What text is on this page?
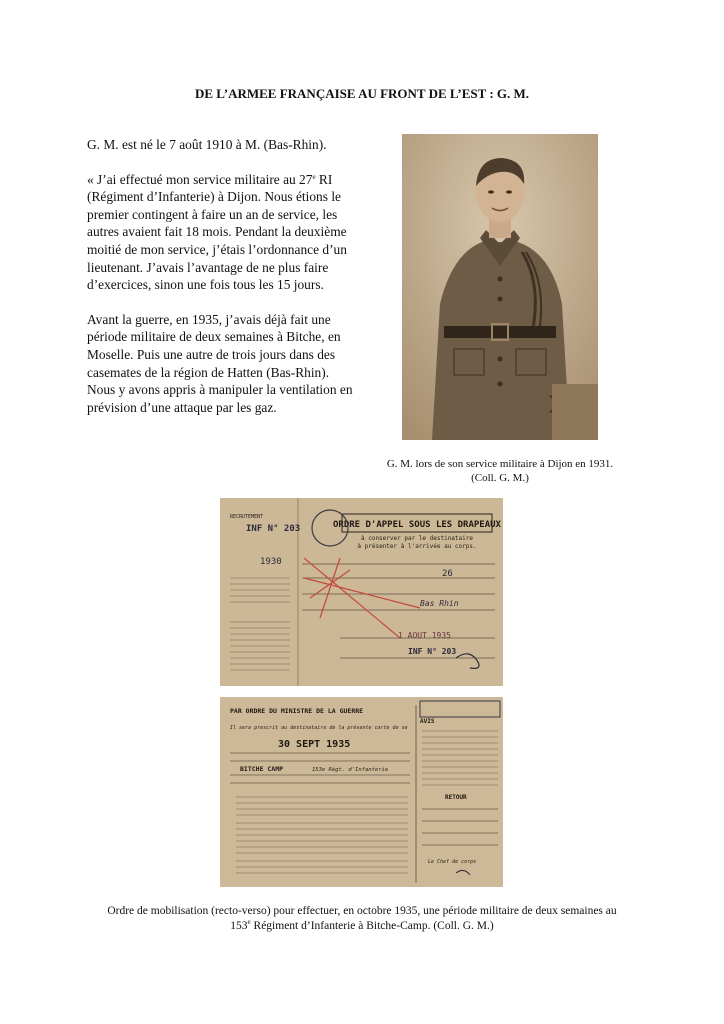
DE L’ARMEE FRANÇAISE AU FRONT DE L’EST : G. M.

G. M. est né le 7 août 1910 à M. (Bas-Rhin).

« J’ai effectué mon service militaire au 27e RI (Régiment d’Infanterie) à Dijon. Nous étions le premier contingent à faire un an de service, les autres avaient fait 18 mois. Pendant la deuxième moitié de mon service, j’étais l’ordonnance d’un lieutenant. J’avais l’avantage de ne plus faire d’exercices, sinon une fois tous les 15 jours.

Avant la guerre, en 1935, j’avais déjà fait une période militaire de deux semaines à Bitche, en Moselle. Puis une autre de trois jours dans des casemates de la région de Hatten (Bas-Rhin). Nous y avons appris à manipuler la ventilation en prévision d’une attaque par les gaz.

G. M. lors de son service militaire à Dijon en 1931.
(Coll. G. M.)
ORDRE D'APPEL SOUS LES DRAPEAUX
à conserver par le destinataire
à présenter à l'arrivée au corps.
RECRUTEMENT
INF N° 203
1930
26
Bas Rhin
1 AOUT 1935
INF N° 203
PAR ORDRE DU MINISTRE DE LA GUERRE
Il sera prescrit au destinataire de la présente carte de se
AVIS
30 SEPT 1935
BITCHE CAMP	153e Régt. d'Infanterie
RETOUR
Le Chef de corps
Ordre de mobilisation (recto-verso) pour effectuer, en octobre 1935, une période militaire de deux semaines au
153e Régiment d’Infanterie à Bitche-Camp. (Coll. G. M.)
